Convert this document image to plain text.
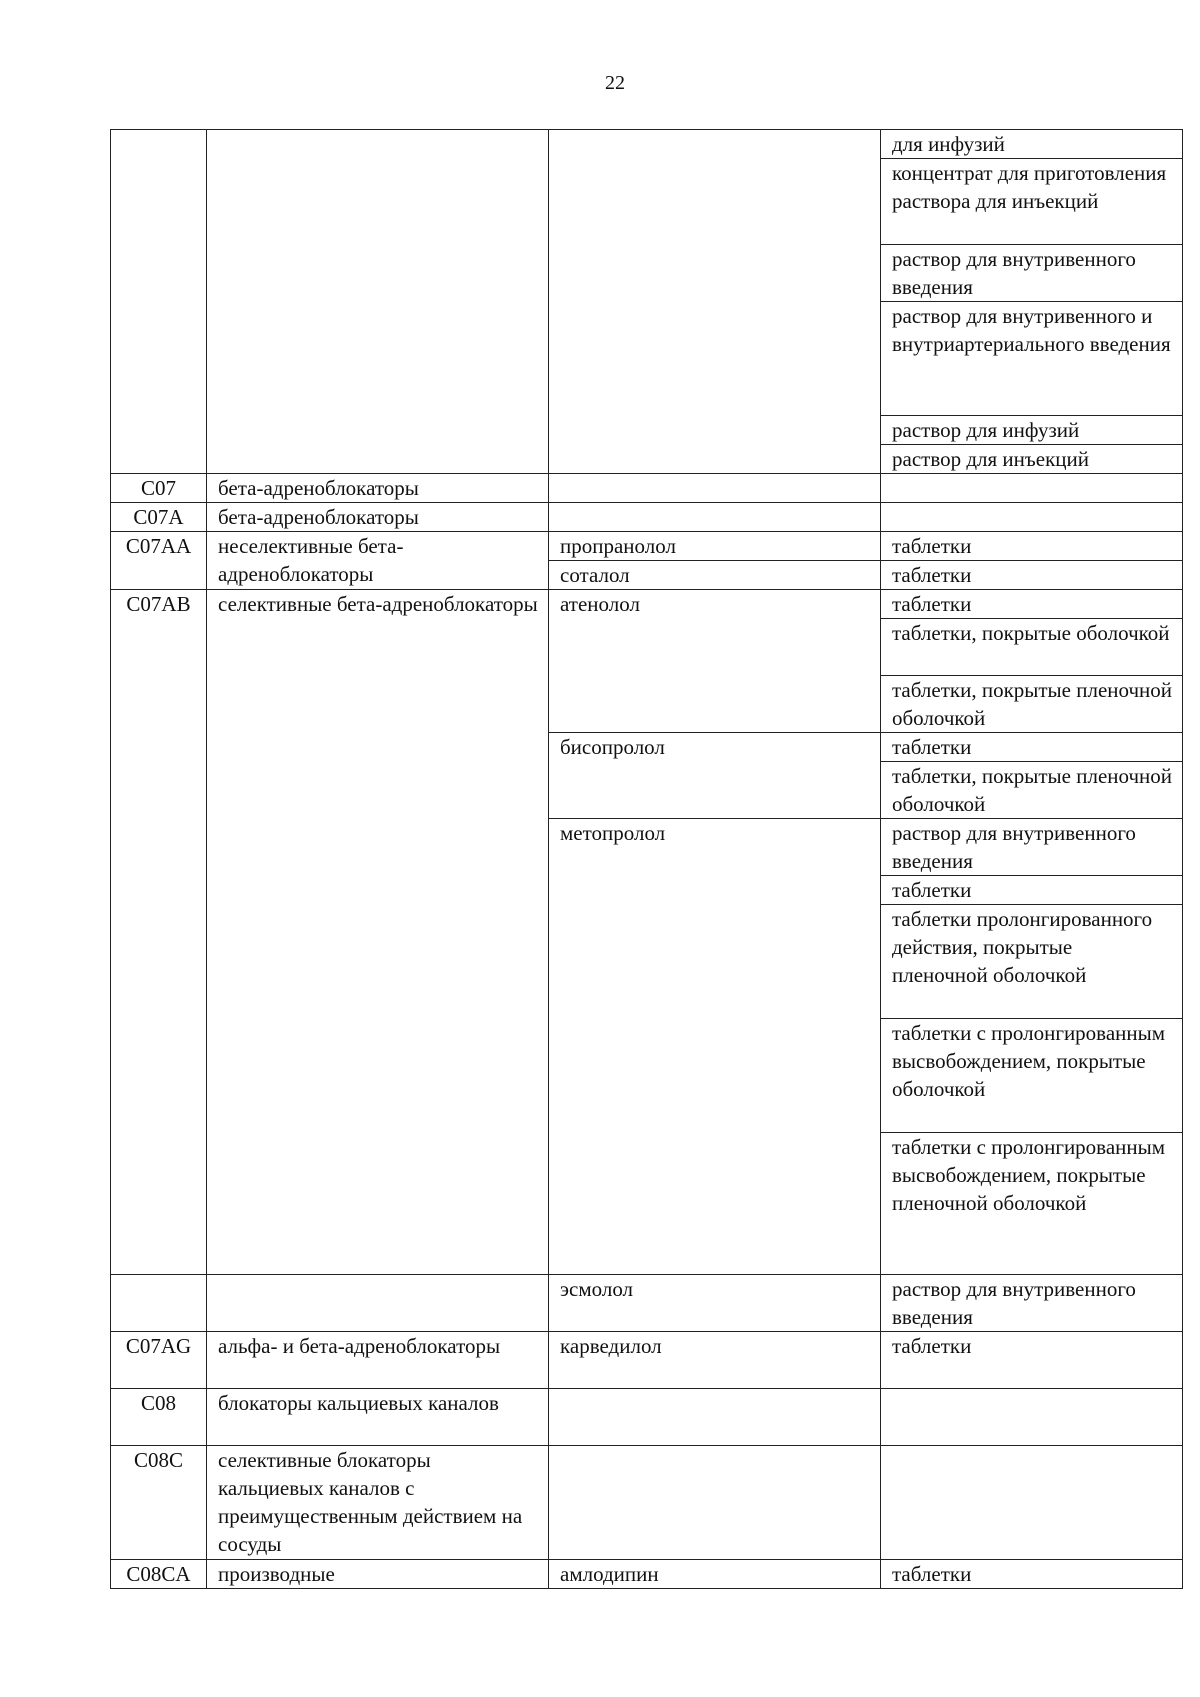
22
			для инфузий
			концентрат для приготовления раствора для инъекций
			раствор для внутривенного введения
			раствор для внутривенного и внутриартериального введения
			раствор для инфузий
			раствор для инъекций
C07	бета-адреноблокаторы		
C07A	бета-адреноблокаторы		
C07AA	неселективные бета-адреноблокаторы	пропранолол	таблетки
		соталол	таблетки
C07AB	селективные бета-адреноблокаторы	атенолол	таблетки
			таблетки, покрытые оболочкой
			таблетки, покрытые пленочной оболочкой
		бисопролол	таблетки
			таблетки, покрытые пленочной оболочкой
		метопролол	раствор для внутривенного введения
			таблетки
			таблетки пролонгированного действия, покрытые пленочной оболочкой
			таблетки с пролонгированным высвобождением, покрытые оболочкой
			таблетки с пролонгированным высвобождением, покрытые пленочной оболочкой
		эсмолол	раствор для внутривенного введения
C07AG	альфа- и бета-адреноблокаторы	карведилол	таблетки
C08	блокаторы кальциевых каналов		
C08C	селективные блокаторы кальциевых каналов с преимущественным действием на сосуды		
C08CA	производные	амлодипин	таблетки
